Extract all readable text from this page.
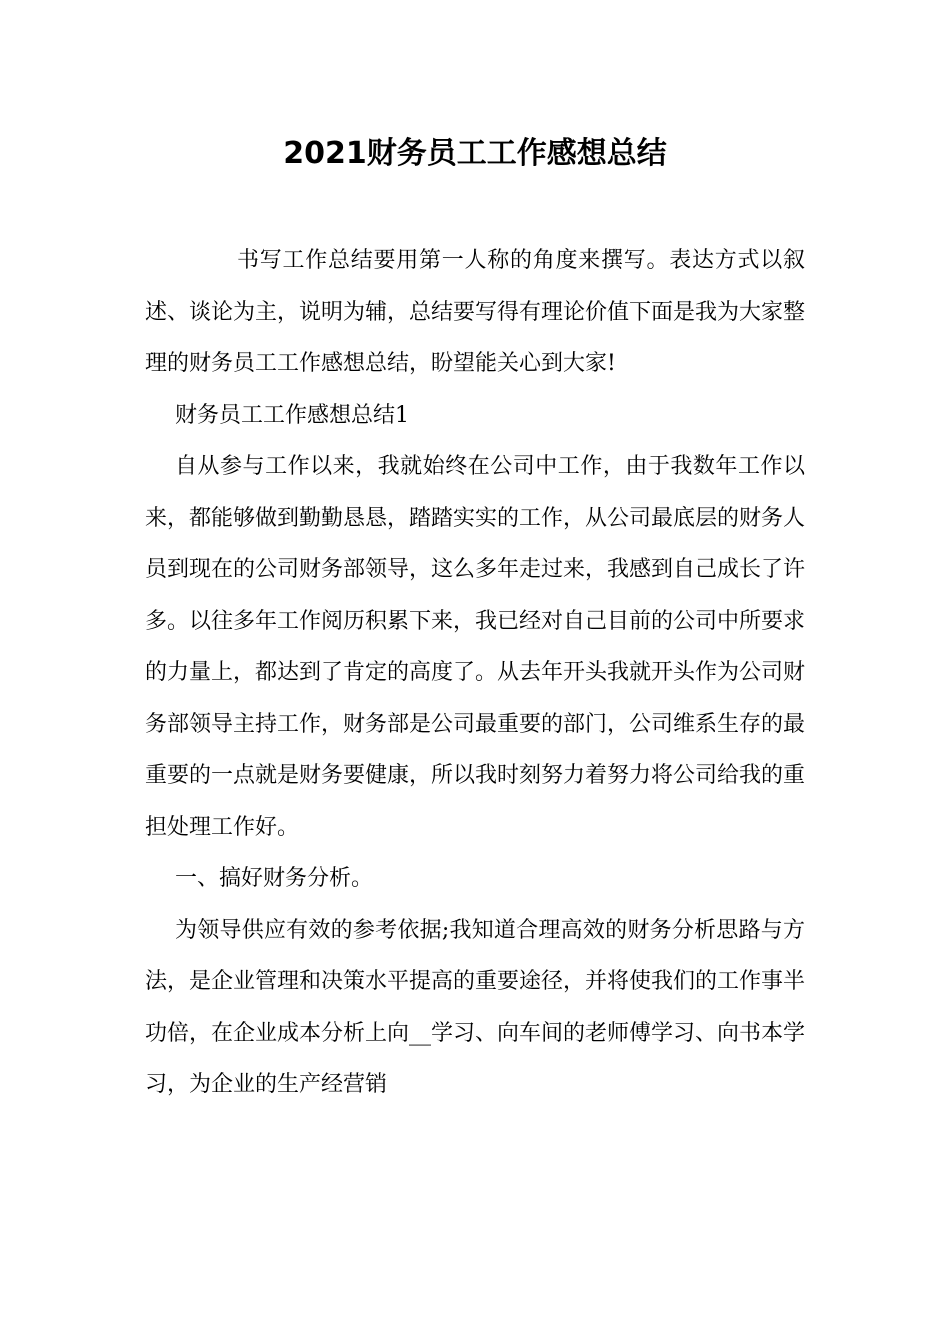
2021财务员工工作感想总结

书写工作总结要用第一人称的角度来撰写。表达方式以叙述、谈论为主，说明为辅，总结要写得有理论价值下面是我为大家整理的财务员工工作感想总结，盼望能关心到大家!

财务员工工作感想总结1

自从参与工作以来，我就始终在公司中工作，由于我数年工作以来，都能够做到勤勤恳恳，踏踏实实的工作，从公司最底层的财务人员到现在的公司财务部领导，这么多年走过来，我感到自己成长了许多。以往多年工作阅历积累下来，我已经对自己目前的公司中所要求的力量上，都达到了肯定的高度了。从去年开头我就开头作为公司财务部领导主持工作，财务部是公司最重要的部门，公司维系生存的最重要的一点就是财务要健康，所以我时刻努力着努力将公司给我的重担处理工作好。

一、搞好财务分析。

为领导供应有效的参考依据;我知道合理高效的财务分析思路与方法，是企业管理和决策水平提高的重要途径，并将使我们的工作事半功倍，在企业成本分析上向__学习、向车间的老师傅学习、向书本学习，为企业的生产经营销
